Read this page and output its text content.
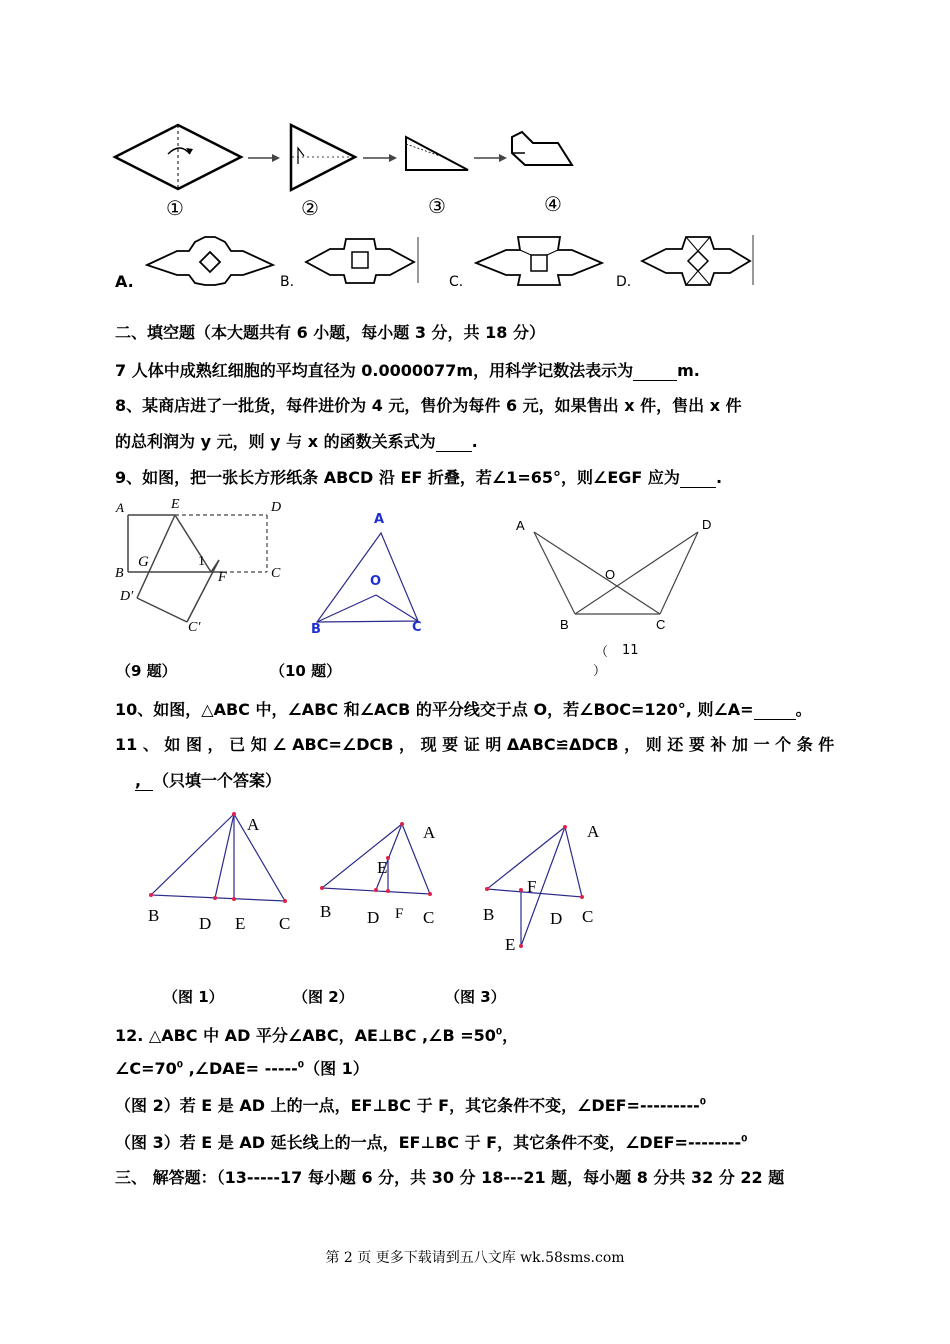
①	②	③	④
A.	B.	C.	D.
二、填空题（本大题共有 6 小题，每小题 3 分，共 18 分）
7 人体中成熟红细胞的平均直径为 0.0000077m，用科学记数法表示为	m.
8、某商店进了一批货，每件进价为 4 元，售价为每件 6 元，如果售出 x 件，售出 x 件
的总利润为 y 元，则 y 与 x 的函数关系式为 .
9、如图，把一张长方形纸条 ABCD 沿 EF 折叠，若∠1=65°，则∠EGF 应为 .
A	E	D
G	1
B	F	C
D′
C′
A
O
B	C
A	D
O
B	C
（9 题）	（10 题）
（ 11
）
10、如图，△ABC 中，∠ABC 和∠ACB 的平分线交于点 O，若∠BOC=120°, 则∠A=	。
11 、 如 图 ， 已 知 ∠ ABC=∠DCB ， 现 要 证 明 ΔABC≌ΔDCB ， 则 还 要 补 加 一 个 条 件
, （只填一个答案）
A
B D E C
A
E
B D F C
A
F
B	D C
E
（图 1）	（图 2）	（图 3）
12. △ABC 中 AD 平分∠ABC，AE⊥BC ,∠B $=50^0$，
$\angle C=70^0$ ,∠DAE= -----$^0$（图 1）
（图 2）若 E 是 AD 上的一点，EF⊥BC 于 F，其它条件不变，∠DEF=---------$^0$
（图 3）若 E 是 AD 延长线上的一点，EF⊥BC 于 F，其它条件不变，∠DEF=--------$^0$
三、 解答题：（13-----17 每小题 6 分，共 30 分 18---21 题，每小题 8 分共 32 分 22 题
第 2 页 更多下载请到五八文库 wk.58sms.com
